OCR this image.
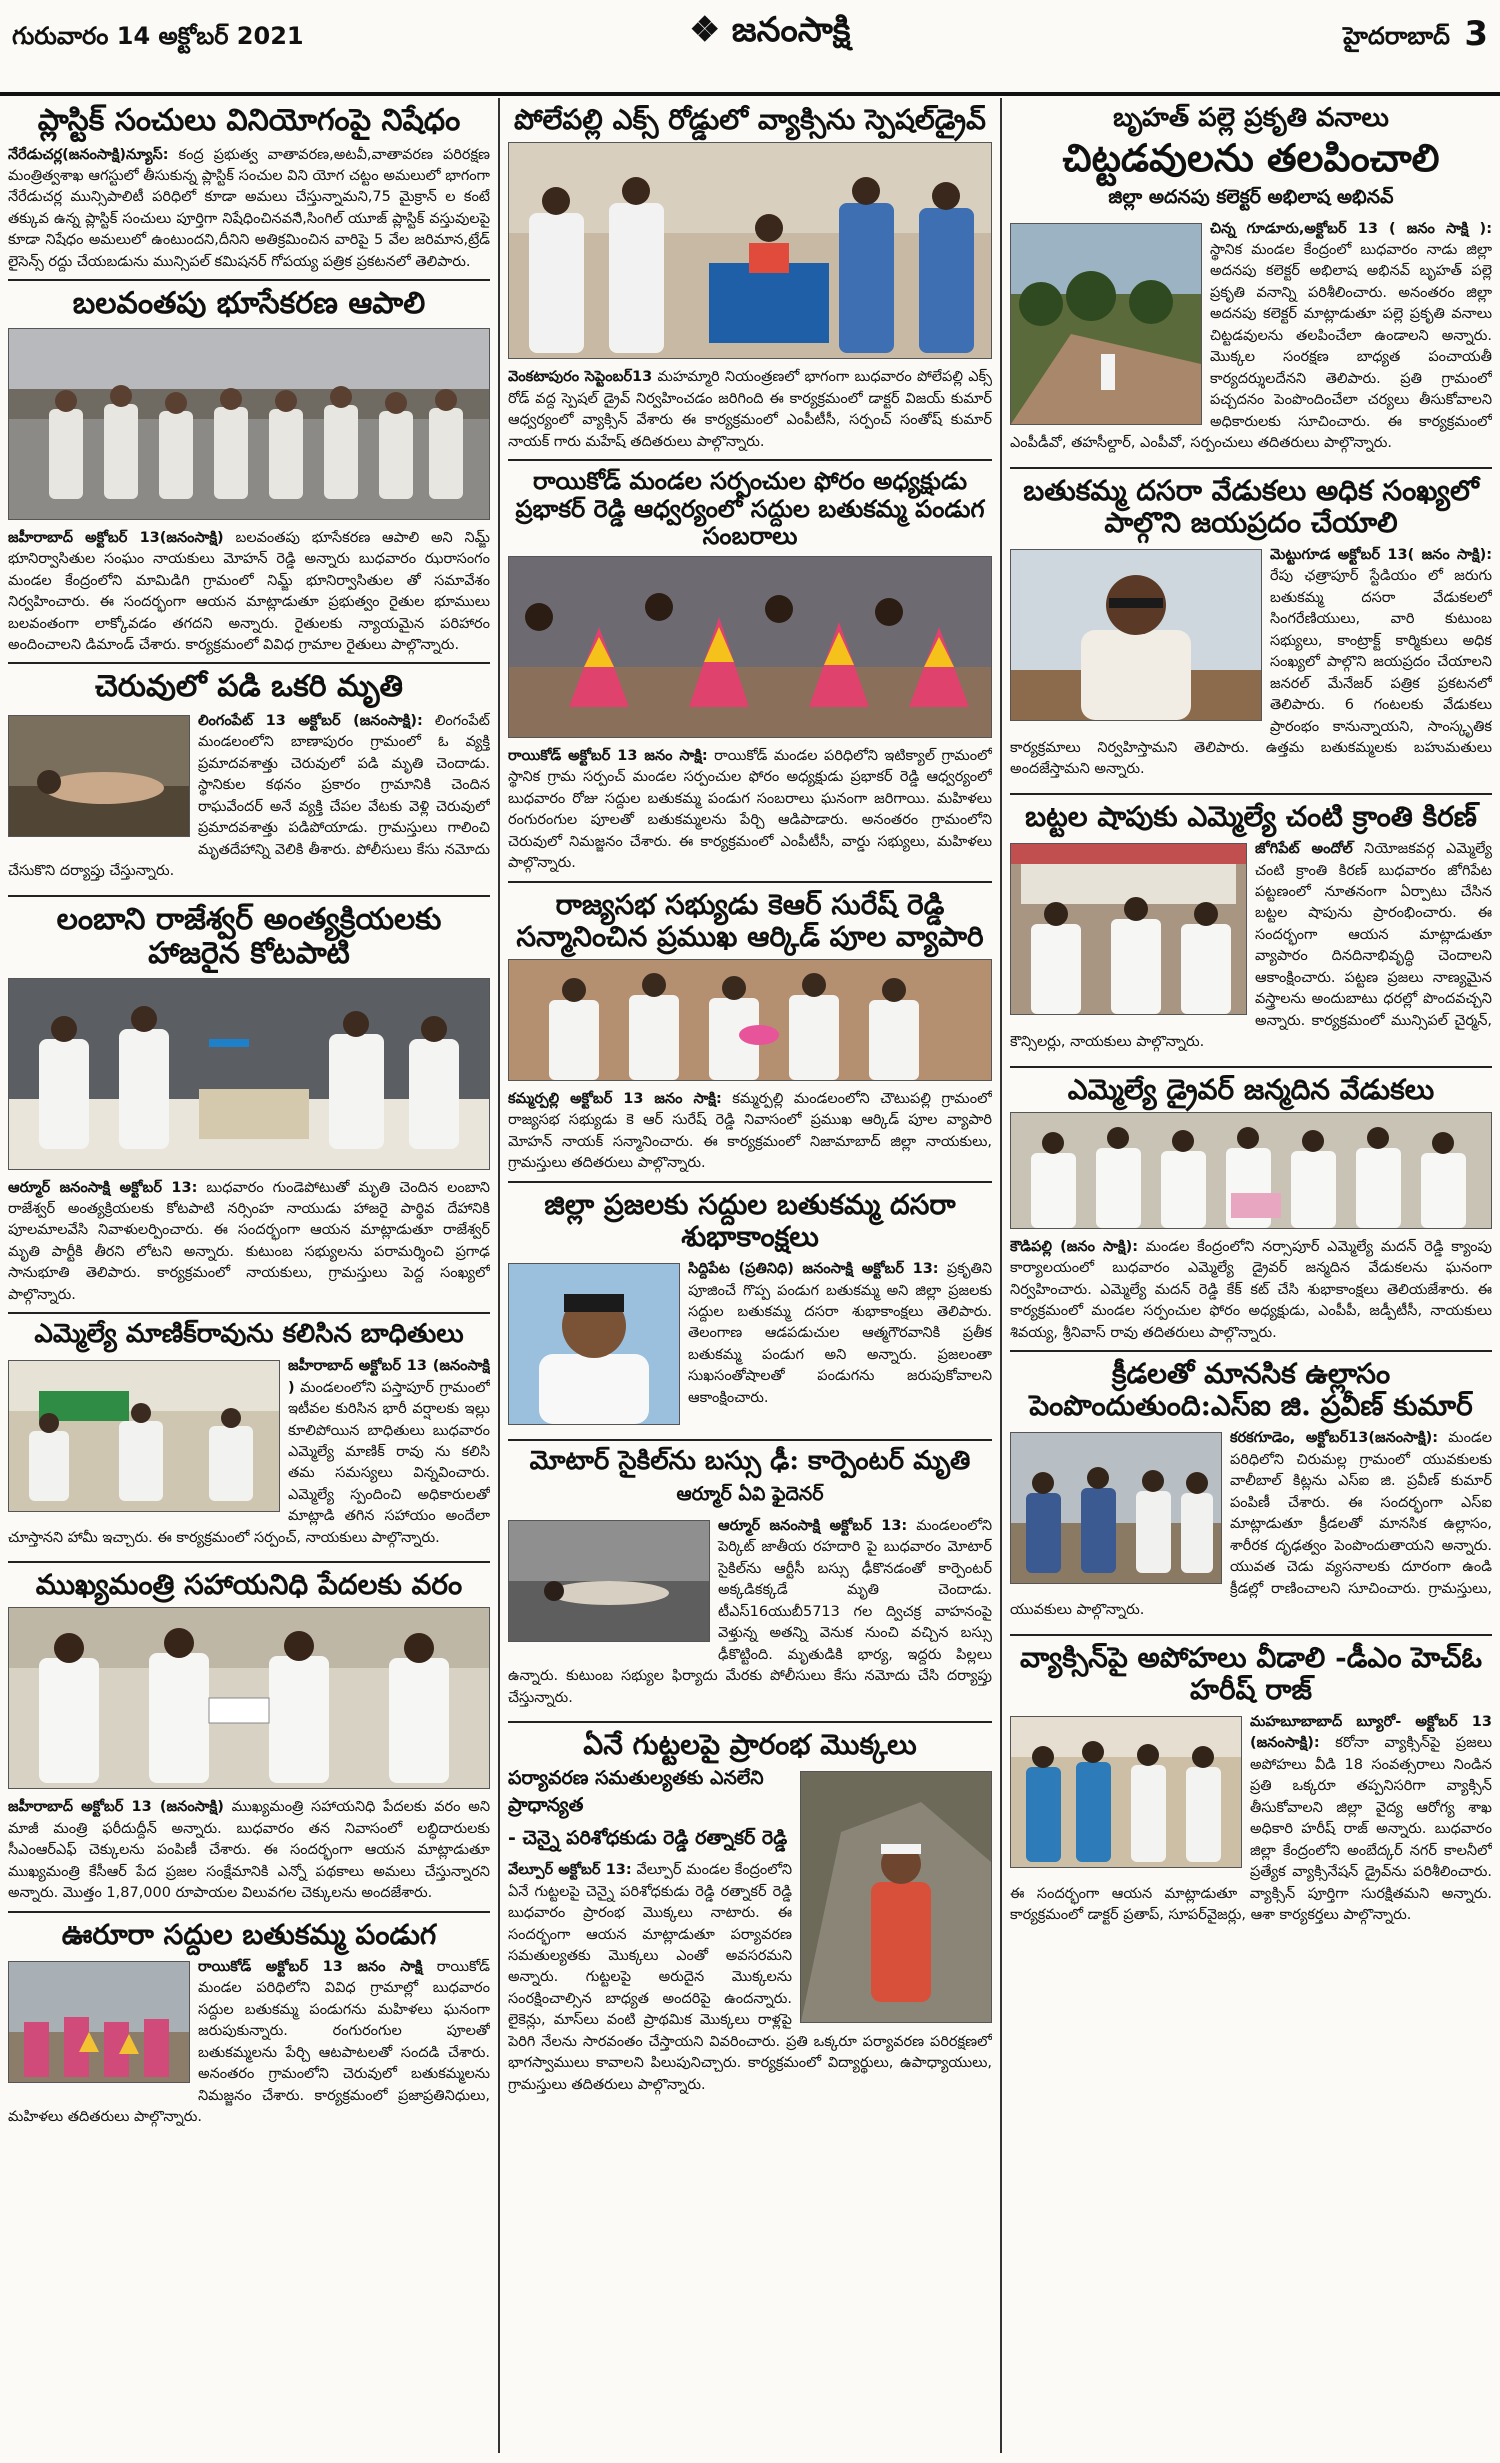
గురువారం 14 అక్టోబర్ 2021	❖ జనంసాక్షి	హైదరాబాద్ 3
ప్లాస్టిక్ సంచులు వినియోగంపై నిషేధం

నేరేడుచర్ల(జనంసాక్షి)న్యూస్: కంద్ర ప్రభుత్వ వాతావరణ,అటవీ,వాతావరణ పరిరక్షణ మంత్రిత్వశాఖ ఆగస్టులో తీసుకున్న ప్లాస్టిక్ సంచుల విని యోగ చట్టం అమలులో భాగంగా నేరేడుచర్ల మున్సిపాలిటీ పరిధిలో కూడా అమలు చేస్తున్నామని,75 మైక్రాన్ ల కంటే తక్కువ ఉన్న ప్లాస్టిక్ సంచులు పూర్తిగా నిషేధించినవనిి,సింగిల్ యూజ్ ప్లాస్టిక్ వస్తువులపై కూడా నిషేధం అమలులో ఉంటుందని,దీనిని అతిక్రమించిన వారిపై 5 వేల జరిమాన,ట్రేడ్ లైసెన్స్ రద్దు చేయబడును మున్సిపల్ కమిషనర్ గోపయ్య పత్రిక ప్రకటనలో తెలిపారు.

బలవంతపు భూసేకరణ ఆపాలి

జహీరాబాద్ అక్టోబర్ 13(జనంసాక్షి) బలవంతపు భూసేకరణ ఆపాలి అని నిమ్జ్ భూనిర్వాసితుల సంఘం నాయకులు మోహన్ రెడ్డి అన్నారు బుధవారం ఝరాసంగం మండల కేంద్రంలోని మామిడిగి గ్రామంలో నిమ్జ్ భూనిర్వాసితుల తో సమావేశం నిర్వహించారు. ఈ సందర్భంగా ఆయన మాట్లాడుతూ ప్రభుత్వం రైతుల భూములు బలవంతంగా లాక్కోవడం తగదని అన్నారు. రైతులకు న్యాయమైన పరిహారం అందించాలని డిమాండ్ చేశారు. కార్యక్రమంలో వివిధ గ్రామాల రైతులు పాల్గొన్నారు.

చెరువులో పడి ఒకరి మృతి

లింగంపేట్ 13 అక్టోబర్ (జనంసాక్షి): లింగంపేట్ మండలంలోని బాణాపురం గ్రామంలో ఓ వ్యక్తి ప్రమాదవశాత్తు చెరువులో పడి మృతి చెందాడు. స్థానికుల కథనం ప్రకారం గ్రామానికి చెందిన రాఘవేందర్ అనే వ్యక్తి చేపల వేటకు వెళ్లి చెరువులో ప్రమాదవశాత్తు పడిపోయాడు. గ్రామస్తులు గాలించి మృతదేహాన్ని వెలికి తీశారు. పోలీసులు కేసు నమోదు చేసుకొని దర్యాప్తు చేస్తున్నారు.

లంబాని రాజేశ్వర్ అంత్యక్రియలకు హాజరైన కోటపాటి

ఆర్మూర్ జనంసాక్షి అక్టోబర్ 13: బుధవారం గుండెపోటుతో మృతి చెందిన లంబాని రాజేశ్వర్ అంత్యక్రియలకు కోటపాటి నర్సింహ నాయుడు హాజరై పార్థివ దేహానికి పూలమాలవేసి నివాళులర్పించారు. ఈ సందర్భంగా ఆయన మాట్లాడుతూ రాజేశ్వర్ మృతి పార్టీకి తీరని లోటని అన్నారు. కుటుంబ సభ్యులను పరామర్శించి ప్రగాఢ సానుభూతి తెలిపారు. కార్యక్రమంలో నాయకులు, గ్రామస్తులు పెద్ద సంఖ్యలో పాల్గొన్నారు.

ఎమ్మెల్యే మాణిక్‌రావును కలిసిన బాధితులు

జహీరాబాద్ అక్టోబర్ 13 (జనంసాక్షి ) మండలంలోని పస్తాపూర్ గ్రామంలో ఇటీవల కురిసిన భారీ వర్షాలకు ఇల్లు కూలిపోయిన బాధితులు బుధవారం ఎమ్మెల్యే మాణిక్ రావు ను కలిసి తమ సమస్యలు విన్నవించారు. ఎమ్మెల్యే స్పందించి అధికారులతో మాట్లాడి తగిన సహాయం అందేలా చూస్తానని హామీ ఇచ్చారు. ఈ కార్యక్రమంలో సర్పంచ్, నాయకులు పాల్గొన్నారు.

ముఖ్యమంత్రి సహాయనిధి పేదలకు వరం

జహీరాబాద్ అక్టోబర్ 13 (జనంసాక్షి) ముఖ్యమంత్రి సహాయనిధి పేదలకు వరం అని మాజీ మంత్రి ఫరీదుద్దీన్ అన్నారు. బుధవారం తన నివాసంలో లబ్ధిదారులకు సీఎంఆర్ఎఫ్ చెక్కులను పంపిణీ చేశారు. ఈ సందర్భంగా ఆయన మాట్లాడుతూ ముఖ్యమంత్రి కేసీఆర్ పేద ప్రజల సంక్షేమానికి ఎన్నో పథకాలు అమలు చేస్తున్నారని అన్నారు. మొత్తం 1,87,000 రూపాయల విలువగల చెక్కులను అందజేశారు.

ఊరూరా సద్దుల బతుకమ్మ పండుగ

రాయికోడ్ అక్టోబర్ 13 జనం సాక్షి రాయికోడ్ మండల పరిధిలోని వివిధ గ్రామాల్లో బుధవారం సద్దుల బతుకమ్మ పండుగను మహిళలు ఘనంగా జరుపుకున్నారు. రంగురంగుల పూలతో బతుకమ్మలను పేర్చి ఆటపాటలతో సందడి చేశారు. అనంతరం గ్రామంలోని చెరువులో బతుకమ్మలను నిమజ్జనం చేశారు. కార్యక్రమంలో ప్రజాప్రతినిధులు, మహిళలు తదితరులు పాల్గొన్నారు.

పోలేపల్లి ఎక్స్ రోడ్డులో వ్యాక్సిను స్పెషల్‌డ్రైవ్

వెంకటాపురం సెప్టెంబర్13 మహమ్మారి నియంత్రణలో భాగంగా బుధవారం పోలేపల్లి ఎక్స్ రోడ్ వద్ద స్పెషల్ డ్రైవ్ నిర్వహించడం జరిగింది ఈ కార్యక్రమంలో డాక్టర్ విజయ్ కుమార్ ఆధ్వర్యంలో వ్యాక్సిన్ వేశారు ఈ కార్యక్రమంలో ఎంపీటీసీ, సర్పంచ్ సంతోష్ కుమార్ నాయక్ గారు మహేష్ తదితరులు పాల్గొన్నారు.

రాయికోడ్ మండల సర్పంచుల ఫోరం అధ్యక్షుడు ప్రభాకర్ రెడ్డి ఆధ్వర్యంలో సద్దుల బతుకమ్మ పండుగ సంబరాలు

రాయికోడ్ అక్టోబర్ 13 జనం సాక్షి: రాయికోడ్ మండల పరిధిలోని ఇటిక్యాల్ గ్రామంలో స్థానిక గ్రామ సర్పంచ్ మండల సర్పంచుల ఫోరం అధ్యక్షుడు ప్రభాకర్ రెడ్డి ఆధ్వర్యంలో బుధవారం రోజు సద్దుల బతుకమ్మ పండుగ సంబరాలు ఘనంగా జరిగాయి. మహిళలు రంగురంగుల పూలతో బతుకమ్మలను పేర్చి ఆడిపాడారు. అనంతరం గ్రామంలోని చెరువులో నిమజ్జనం చేశారు. ఈ కార్యక్రమంలో ఎంపీటీసీ, వార్డు సభ్యులు, మహిళలు పాల్గొన్నారు.

రాజ్యసభ సభ్యుడు కెఆర్ సురేష్ రెడ్డి సన్మానించిన ప్రముఖ ఆర్కిడ్ పూల వ్యాపారి

కమ్మర్పల్లి అక్టోబర్ 13 జనం సాక్షి: కమ్మర్పల్లి మండలంలోని చౌటుపల్లి గ్రామంలో రాజ్యసభ సభ్యుడు కె ఆర్ సురేష్ రెడ్డి నివాసంలో ప్రముఖ ఆర్కిడ్ పూల వ్యాపారి మోహన్ నాయక్ సన్మానించారు. ఈ కార్యక్రమంలో నిజామాబాద్ జిల్లా నాయకులు, గ్రామస్తులు తదితరులు పాల్గొన్నారు.

జిల్లా ప్రజలకు సద్దుల బతుకమ్మ దసరా శుభాకాంక్షలు

సిద్దిపేట (ప్రతినిధి) జనంసాక్షి అక్టోబర్ 13: ప్రకృతిని పూజించే గొప్ప పండుగ బతుకమ్మ అని జిల్లా ప్రజలకు సద్దుల బతుకమ్మ దసరా శుభాకాంక్షలు తెలిపారు. తెలంగాణ ఆడపడుచుల ఆత్మగౌరవానికి ప్రతీక బతుకమ్మ పండుగ అని అన్నారు. ప్రజలంతా సుఖసంతోషాలతో పండుగను జరుపుకోవాలని ఆకాంక్షించారు.

మోటార్ సైకిల్‌ను బస్సు ఢీ: కార్పెంటర్ మృతి
ఆర్మూర్ ఏవి ఫైదెనర్

ఆర్మూర్ జనంసాక్షి అక్టోబర్ 13: మండలంలోని పెర్కిట్ జాతీయ రహదారి పై బుధవారం మోటార్ సైకిల్‌ను ఆర్టీసీ బస్సు ఢీకొనడంతో కార్పెంటర్ అక్కడికక్కడే మృతి చెందాడు. టీఎస్16యుబీ5713 గల ద్విచక్ర వాహనంపై వెళ్తున్న అతన్ని వెనుక నుంచి వచ్చిన బస్సు ఢీకొట్టింది. మృతుడికి భార్య, ఇద్దరు పిల్లలు ఉన్నారు. కుటుంబ సభ్యుల ఫిర్యాదు మేరకు పోలీసులు కేసు నమోదు చేసి దర్యాప్తు చేస్తున్నారు.

ఏనే గుట్టలపై ప్రారంభ మొక్కలు
పర్యావరణ సమతుల్యతకు ఎనలేని ప్రాధాన్యత
- చెన్నై పరిశోధకుడు రెడ్డి రత్నాకర్ రెడ్డి

వేల్పూర్ అక్టోబర్ 13: వేల్పూర్ మండల కేంద్రంలోని ఏనే గుట్టలపై చెన్నై పరిశోధకుడు రెడ్డి రత్నాకర్ రెడ్డి బుధవారం ప్రారంభ మొక్కలు నాటారు. ఈ సందర్భంగా ఆయన మాట్లాడుతూ పర్యావరణ సమతుల్యతకు మొక్కలు ఎంతో అవసరమని అన్నారు. గుట్టలపై అరుదైన మొక్కలను సంరక్షించాల్సిన బాధ్యత అందరిపై ఉందన్నారు. లైకెన్లు, మాస్‌లు వంటి ప్రాథమిక మొక్కలు రాళ్లపై పెరిగి నేలను సారవంతం చేస్తాయని వివరించారు. ప్రతి ఒక్కరూ పర్యావరణ పరిరక్షణలో భాగస్వాములు కావాలని పిలుపునిచ్చారు. కార్యక్రమంలో విద్యార్థులు, ఉపాధ్యాయులు, గ్రామస్తులు తదితరులు పాల్గొన్నారు.

బృహత్ పల్లె ప్రకృతి వనాలు
చిట్టడవులను తలపించాలి
జిల్లా అదనపు కలెక్టర్ అభిలాష అభినవ్

చిన్న గూడూరు,అక్టోబర్ 13 ( జనం సాక్షి ): స్థానిక మండల కేంద్రంలో బుధవారం నాడు జిల్లా అదనపు కలెక్టర్ అభిలాష అభినవ్ బృహత్ పల్లె ప్రకృతి వనాన్ని పరిశీలించారు. అనంతరం జిల్లా అదనపు కలెక్టర్ మాట్లాడుతూ పల్లె ప్రకృతి వనాలు చిట్టడవులను తలపించేలా ఉండాలని అన్నారు. మొక్కల సంరక్షణ బాధ్యత పంచాయతీ కార్యదర్శులదేనని తెలిపారు. ప్రతి గ్రామంలో పచ్చదనం పెంపొందించేలా చర్యలు తీసుకోవాలని అధికారులకు సూచించారు. ఈ కార్యక్రమంలో ఎంపీడీవో, తహసీల్దార్, ఎంపీవో, సర్పంచులు తదితరులు పాల్గొన్నారు.

బతుకమ్మ దసరా వేడుకలు అధిక సంఖ్యలో పాల్గొని జయప్రదం చేయాలి

మెట్టుగూడ అక్టోబర్ 13( జనం సాక్షి): రేపు ఛత్రాపూర్ స్టేడియం లో జరుగు బతుకమ్మ దసరా వేడుకలలో సింగరేణియులు, వారి కుటుంబ సభ్యులు, కాంట్రాక్ట్ కార్మికులు అధిక సంఖ్యలో పాల్గొని జయప్రదం చేయాలని జనరల్ మేనేజర్ పత్రిక ప్రకటనలో తెలిపారు. 6 గంటలకు వేడుకలు ప్రారంభం కానున్నాయని, సాంస్కృతిక కార్యక్రమాలు నిర్వహిస్తామని తెలిపారు. ఉత్తమ బతుకమ్మలకు బహుమతులు అందజేస్తామని అన్నారు.

బట్టల షాపుకు ఎమ్మెల్యే చంటి క్రాంతి కిరణ్

జోగిపేట్ అందోల్ నియోజకవర్గ ఎమ్మెల్యే చంటి క్రాంతి కిరణ్ బుధవారం జోగిపేట పట్టణంలో నూతనంగా ఏర్పాటు చేసిన బట్టల షాపును ప్రారంభించారు. ఈ సందర్భంగా ఆయన మాట్లాడుతూ వ్యాపారం దినదినాభివృద్ధి చెందాలని ఆకాంక్షించారు. పట్టణ ప్రజలు నాణ్యమైన వస్త్రాలను అందుబాటు ధరల్లో పొందవచ్చని అన్నారు. కార్యక్రమంలో మున్సిపల్ చైర్మన్, కౌన్సిలర్లు, నాయకులు పాల్గొన్నారు.

ఎమ్మెల్యే డ్రైవర్ జన్మదిన వేడుకలు

కౌడిపల్లి (జనం సాక్షి): మండల కేంద్రంలోని నర్సాపూర్ ఎమ్మెల్యే మదన్ రెడ్డి క్యాంపు కార్యాలయంలో బుధవారం ఎమ్మెల్యే డ్రైవర్ జన్మదిన వేడుకలను ఘనంగా నిర్వహించారు. ఎమ్మెల్యే మదన్ రెడ్డి కేక్ కట్ చేసి శుభాకాంక్షలు తెలియజేశారు. ఈ కార్యక్రమంలో మండల సర్పంచుల ఫోరం అధ్యక్షుడు, ఎంపీపీ, జడ్పీటీసీ, నాయకులు శివయ్య, శ్రీనివాస్ రావు తదితరులు పాల్గొన్నారు.

క్రీడలతో మానసిక ఉల్లాసం పెంపొందుతుంది:ఎస్ఐ జి. ప్రవీణ్ కుమార్

కరకగూడెం, అక్టోబర్13(జనంసాక్షి): మండల పరిధిలోని చిరుమల్ల గ్రామంలో యువకులకు వాలీబాల్ కిట్లను ఎస్ఐ జి. ప్రవీణ్ కుమార్ పంపిణీ చేశారు. ఈ సందర్భంగా ఎస్ఐ మాట్లాడుతూ క్రీడలతో మానసిక ఉల్లాసం, శారీరక దృఢత్వం పెంపొందుతాయని అన్నారు. యువత చెడు వ్యసనాలకు దూరంగా ఉండి క్రీడల్లో రాణించాలని సూచించారు. గ్రామస్తులు, యువకులు పాల్గొన్నారు.

వ్యాక్సిన్‌పై అపోహలు వీడాలి -డీఎం హెచ్ఓ హరీష్ రాజ్

మహబూబాబాద్ బ్యూరో- అక్టోబర్ 13 (జనంసాక్షి): కరోనా వ్యాక్సిన్‌పై ప్రజలు అపోహలు వీడి 18 సంవత్సరాలు నిండిన ప్రతి ఒక్కరూ తప్పనిసరిగా వ్యాక్సిన్ తీసుకోవాలని జిల్లా వైద్య ఆరోగ్య శాఖ అధికారి హరీష్ రాజ్ అన్నారు. బుధవారం జిల్లా కేంద్రంలోని అంబేద్కర్ నగర్ కాలనీలో ప్రత్యేక వ్యాక్సినేషన్ డ్రైవ్‌ను పరిశీలించారు. ఈ సందర్భంగా ఆయన మాట్లాడుతూ వ్యాక్సిన్ పూర్తిగా సురక్షితమని అన్నారు. కార్యక్రమంలో డాక్టర్ ప్రతాప్, సూపర్‌వైజర్లు, ఆశా కార్యకర్తలు పాల్గొన్నారు.
